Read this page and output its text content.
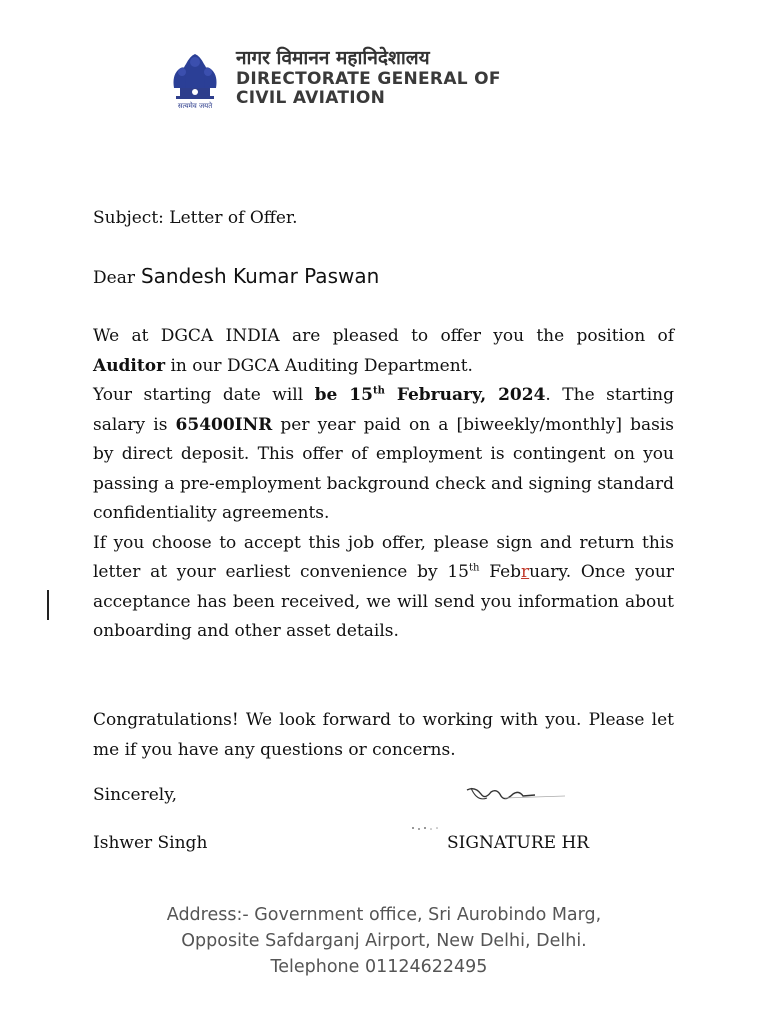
सत्यमेव जयते
नागर विमानन महानिदेशालय
DIRECTORATE GENERAL OF
CIVIL AVIATION
Subject: Letter of Offer.
Dear Sandesh Kumar Paswan

We at DGCA INDIA are pleased to offer you the position of Auditor in our DGCA Auditing Department.

Your starting date will be 15th February, 2024. The starting salary is 65400INR per year paid on a [biweekly/monthly] basis by direct deposit. This offer of employment is contingent on you passing a pre-employment background check and signing standard confidentiality agreements.

If you choose to accept this job offer, please sign and return this letter at your earliest convenience by 15th February. Once your acceptance has been received, we will send you information about onboarding and other asset details.

Congratulations! We look forward to working with you. Please let me if you have any questions or concerns.

Sincerely,
Ishwer Singh	SIGNATURE HR
Address:- Government office, Sri Aurobindo Marg,
Opposite Safdarganj Airport, New Delhi, Delhi.
Telephone 01124622495
